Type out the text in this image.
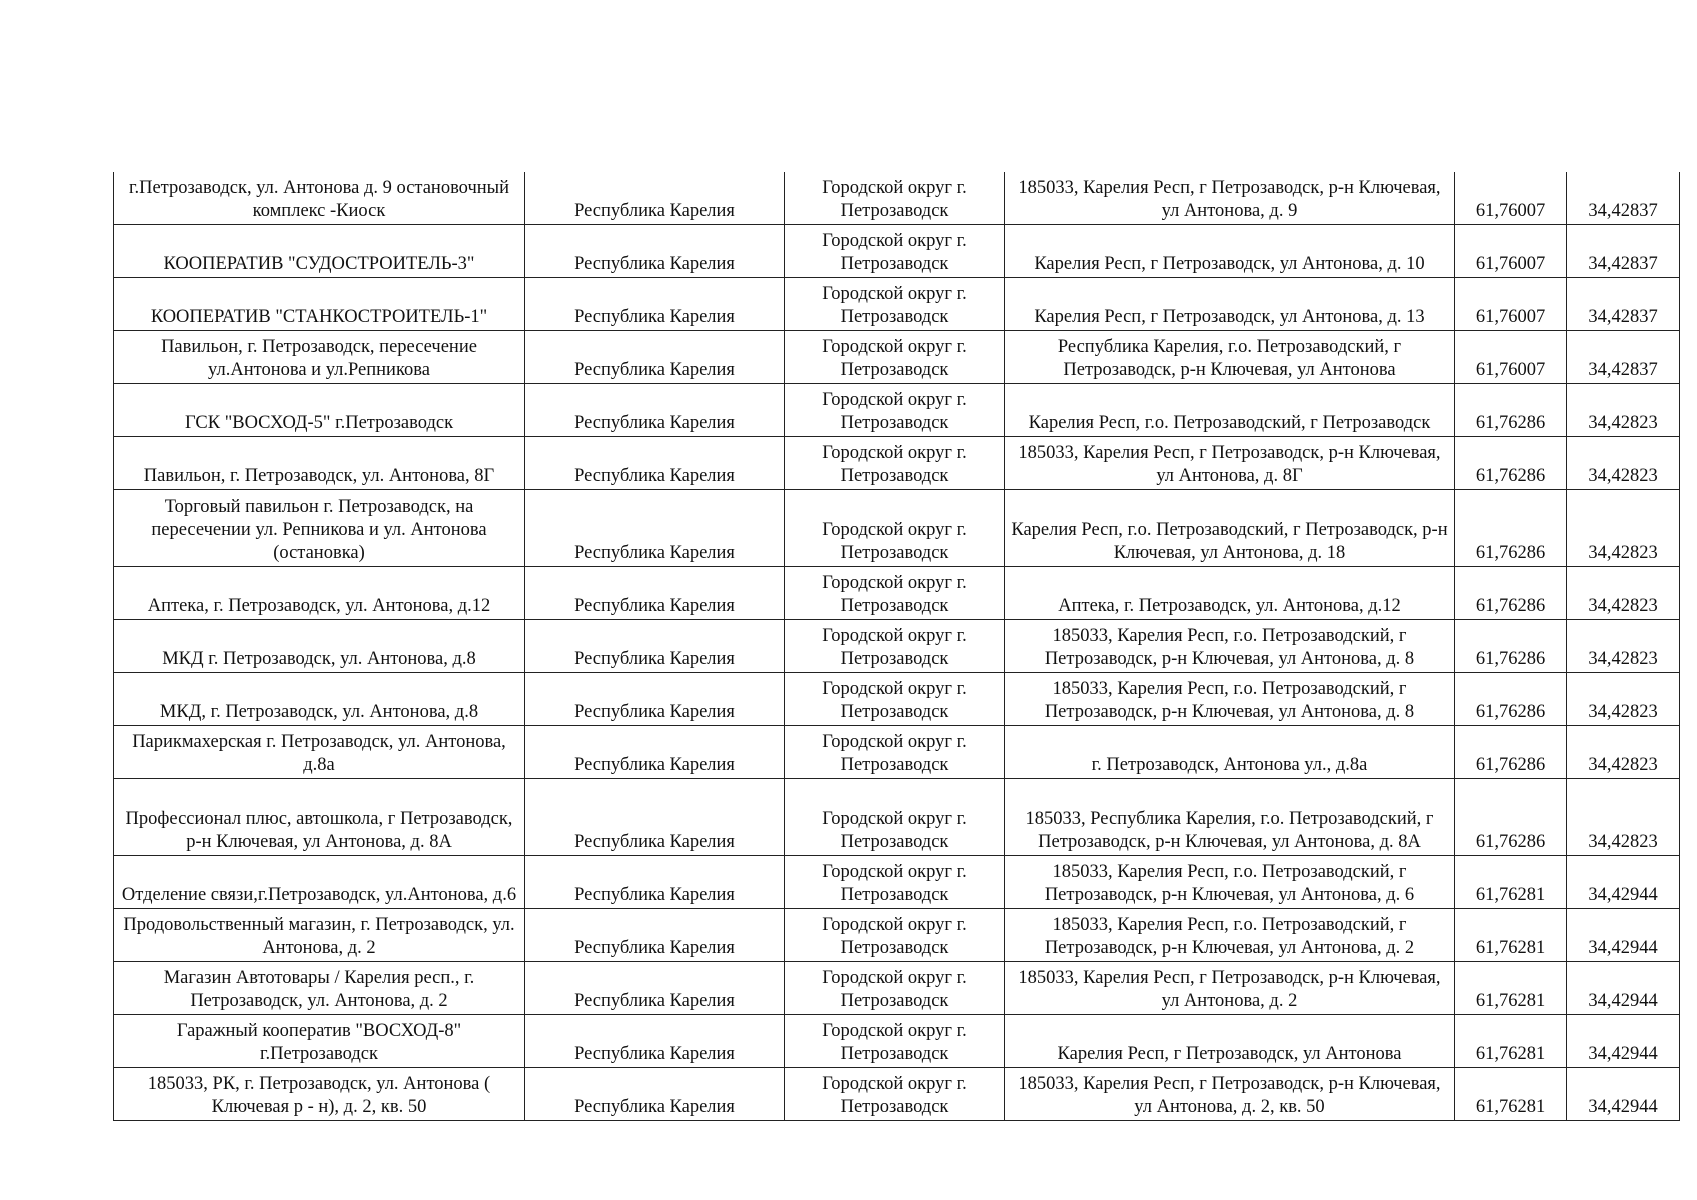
г.Петрозаводск, ул. Антонова д. 9 остановочный комплекс -Киоск	Республика Карелия	Городской округ г. Петрозаводск	185033, Карелия Респ, г Петрозаводск, р-н Ключевая, ул Антонова, д. 9	61,76007	34,42837
КООПЕРАТИВ "СУДОСТРОИТЕЛЬ-3"	Республика Карелия	Городской округ г. Петрозаводск	Карелия Респ, г Петрозаводск, ул Антонова, д. 10	61,76007	34,42837
КООПЕРАТИВ "СТАНКОСТРОИТЕЛЬ-1"	Республика Карелия	Городской округ г. Петрозаводск	Карелия Респ, г Петрозаводск, ул Антонова, д. 13	61,76007	34,42837
Павильон, г. Петрозаводск, пересечение ул.Антонова и ул.Репникова	Республика Карелия	Городской округ г. Петрозаводск	Республика Карелия, г.о. Петрозаводский, г Петрозаводск, р-н Ключевая, ул Антонова	61,76007	34,42837
ГСК "ВОСХОД-5" г.Петрозаводск	Республика Карелия	Городской округ г. Петрозаводск	Карелия Респ, г.о. Петрозаводский, г Петрозаводск	61,76286	34,42823
Павильон, г. Петрозаводск, ул. Антонова, 8Г	Республика Карелия	Городской округ г. Петрозаводск	185033, Карелия Респ, г Петрозаводск, р-н Ключевая, ул Антонова, д. 8Г	61,76286	34,42823
Торговый павильон г. Петрозаводск, на пересечении ул. Репникова и ул. Антонова (остановка)	Республика Карелия	Городской округ г. Петрозаводск	Карелия Респ, г.о. Петрозаводский, г Петрозаводск, р-н Ключевая, ул Антонова, д. 18	61,76286	34,42823
Аптека, г. Петрозаводск, ул. Антонова, д.12	Республика Карелия	Городской округ г. Петрозаводск	Аптека, г. Петрозаводск, ул. Антонова, д.12	61,76286	34,42823
МКД г. Петрозаводск, ул. Антонова, д.8	Республика Карелия	Городской округ г. Петрозаводск	185033, Карелия Респ, г.о. Петрозаводский, г Петрозаводск, р-н Ключевая, ул Антонова, д. 8	61,76286	34,42823
МКД, г. Петрозаводск, ул. Антонова, д.8	Республика Карелия	Городской округ г. Петрозаводск	185033, Карелия Респ, г.о. Петрозаводский, г Петрозаводск, р-н Ключевая, ул Антонова, д. 8	61,76286	34,42823
Парикмахерская г. Петрозаводск, ул. Антонова, д.8а	Республика Карелия	Городской округ г. Петрозаводск	г. Петрозаводск, Антонова ул., д.8а	61,76286	34,42823
Профессионал плюс, автошкола, г Петрозаводск, р-н Ключевая, ул Антонова, д. 8А	Республика Карелия	Городской округ г. Петрозаводск	185033, Республика Карелия, г.о. Петрозаводский, г Петрозаводск, р-н Ключевая, ул Антонова, д. 8А	61,76286	34,42823
Отделение связи,г.Петрозаводск, ул.Антонова, д.6	Республика Карелия	Городской округ г. Петрозаводск	185033, Карелия Респ, г.о. Петрозаводский, г Петрозаводск, р-н Ключевая, ул Антонова, д. 6	61,76281	34,42944
Продовольственный магазин, г. Петрозаводск, ул. Антонова, д. 2	Республика Карелия	Городской округ г. Петрозаводск	185033, Карелия Респ, г.о. Петрозаводский, г Петрозаводск, р-н Ключевая, ул Антонова, д. 2	61,76281	34,42944
Магазин Автотовары / Карелия респ., г. Петрозаводск, ул. Антонова, д. 2	Республика Карелия	Городской округ г. Петрозаводск	185033, Карелия Респ, г Петрозаводск, р-н Ключевая, ул Антонова, д. 2	61,76281	34,42944
Гаражный кооператив "ВОСХОД-8" г.Петрозаводск	Республика Карелия	Городской округ г. Петрозаводск	Карелия Респ, г Петрозаводск, ул Антонова	61,76281	34,42944
185033, РК, г. Петрозаводск, ул. Антонова ( Ключевая р - н), д. 2, кв. 50	Республика Карелия	Городской округ г. Петрозаводск	185033, Карелия Респ, г Петрозаводск, р-н Ключевая, ул Антонова, д. 2, кв. 50	61,76281	34,42944
